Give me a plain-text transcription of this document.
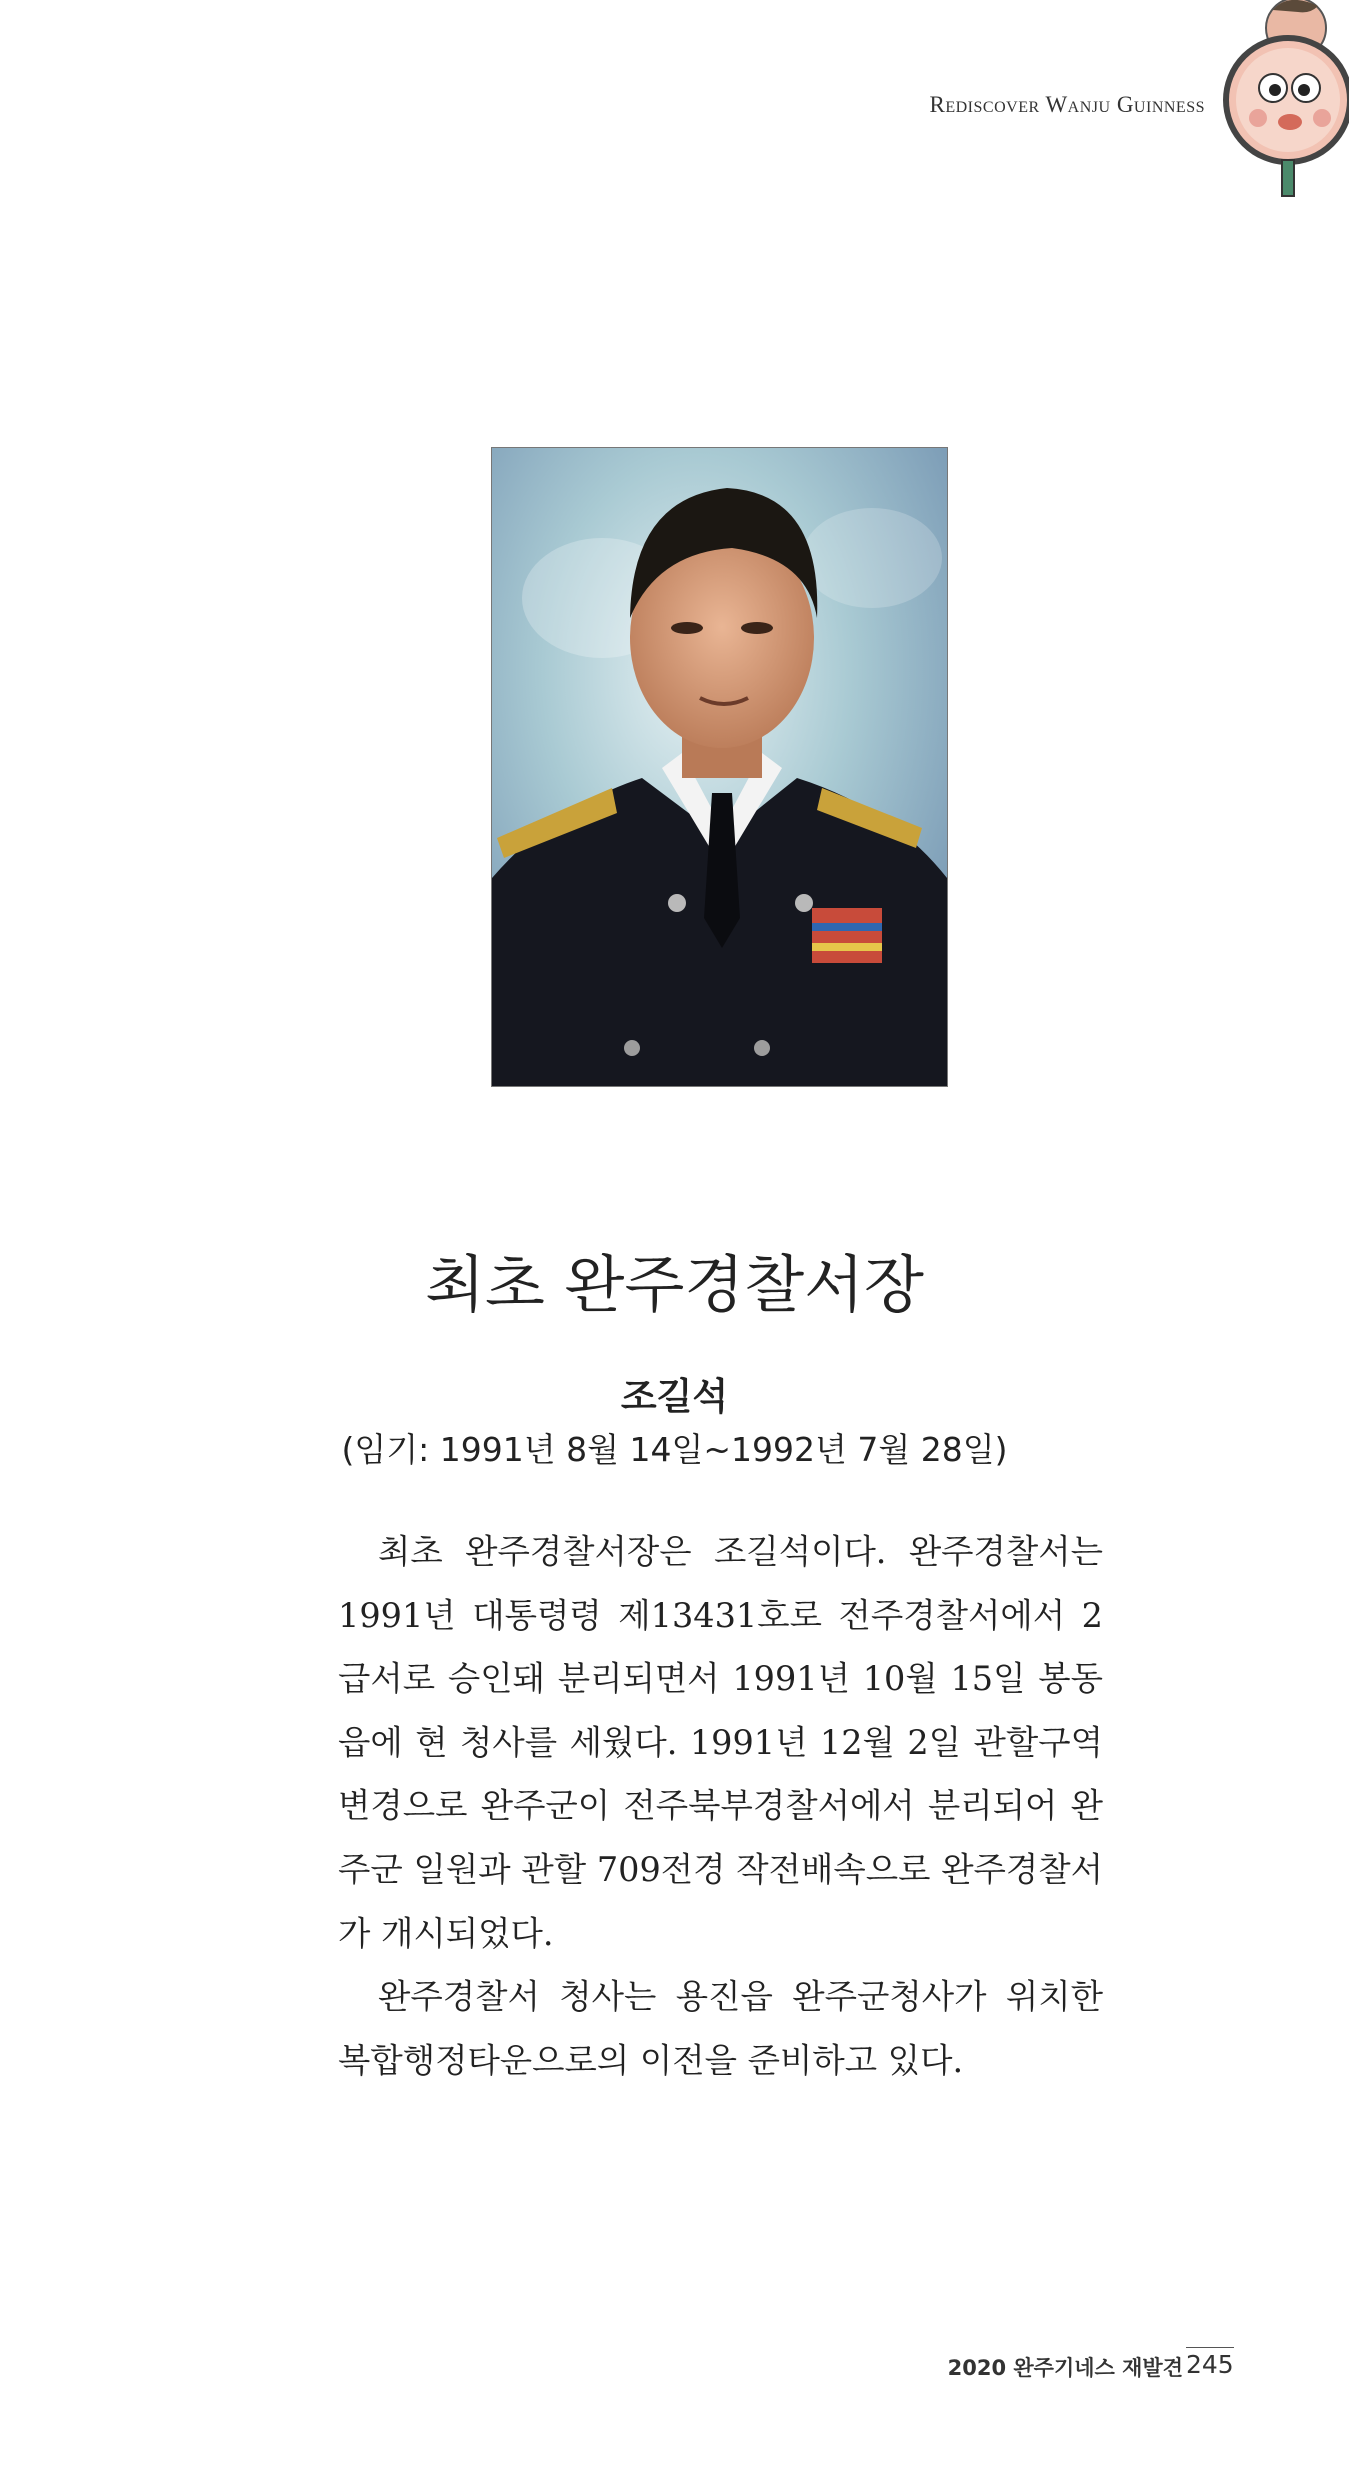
Rediscover Wanju Guinness
최초 완주경찰서장
조길석
(임기: 1991년 8월 14일~1992년 7월 28일)

최초 완주경찰서장은 조길석이다. 완주경찰서는 1991년 대통령령 제13431호로 전주경찰서에서 2급서로 승인돼 분리되면서 1991년 10월 15일 봉동읍에 현 청사를 세웠다. 1991년 12월 2일 관할구역 변경으로 완주군이 전주북부경찰서에서 분리되어 완주군 일원과 관할 709전경 작전배속으로 완주경찰서가 개시되었다.

완주경찰서 청사는 용진읍 완주군청사가 위치한 복합행정타운으로의 이전을 준비하고 있다.

2020 완주기네스 재발견 245
